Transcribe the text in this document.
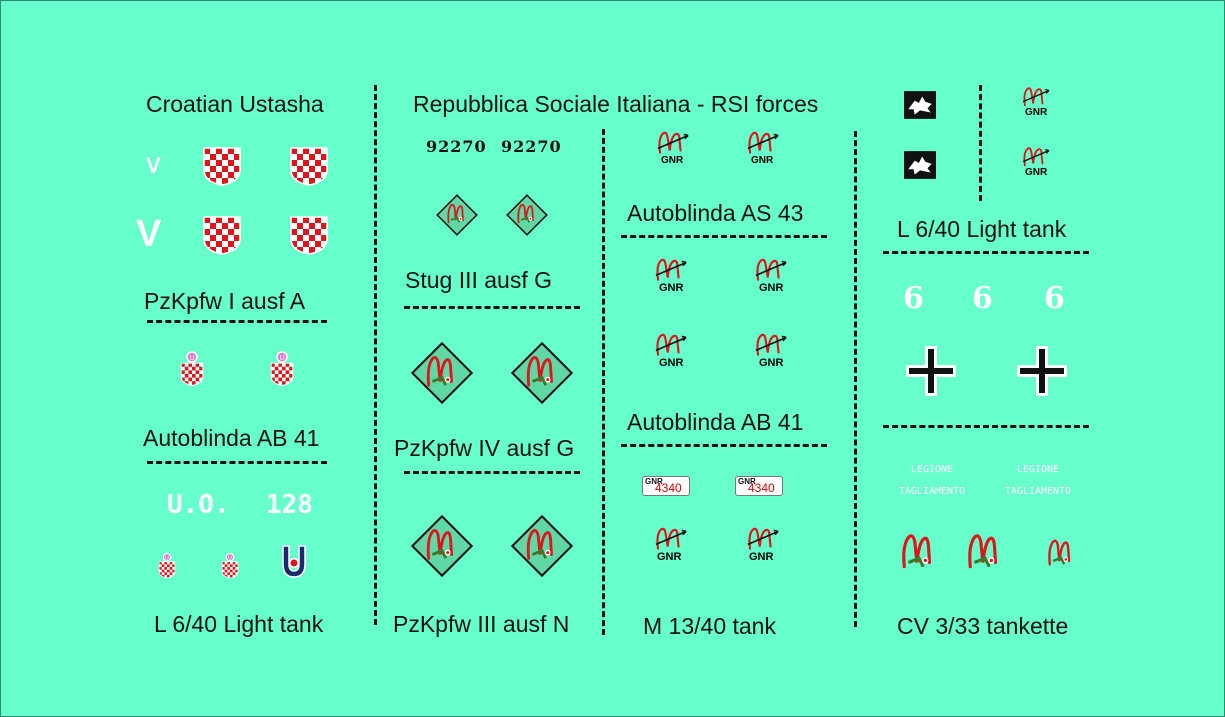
Croatian Ustasha	Repubblica Sociale Italiana - RSI forces
V
V
PzKpfw I ausf A
Autoblinda AB 41
U.O. 128
L 6/40 Light tank
92270 92270
Stug III ausf G
PzKpfw IV ausf G
PzKpfw III ausf N
GNR	GNR
Autoblinda AS 43
GNR	GNR
GNR	GNR
Autoblinda AB 41
GNR
4340	GNR
4340
GNR	GNR
M 13/40 tank
GNR
GNR
L 6/40 Light tank
6 6 6
LEGIONE
TAGLIAMENTO
LEGIONE
TAGLIAMENTO
CV 3/33 tankette
